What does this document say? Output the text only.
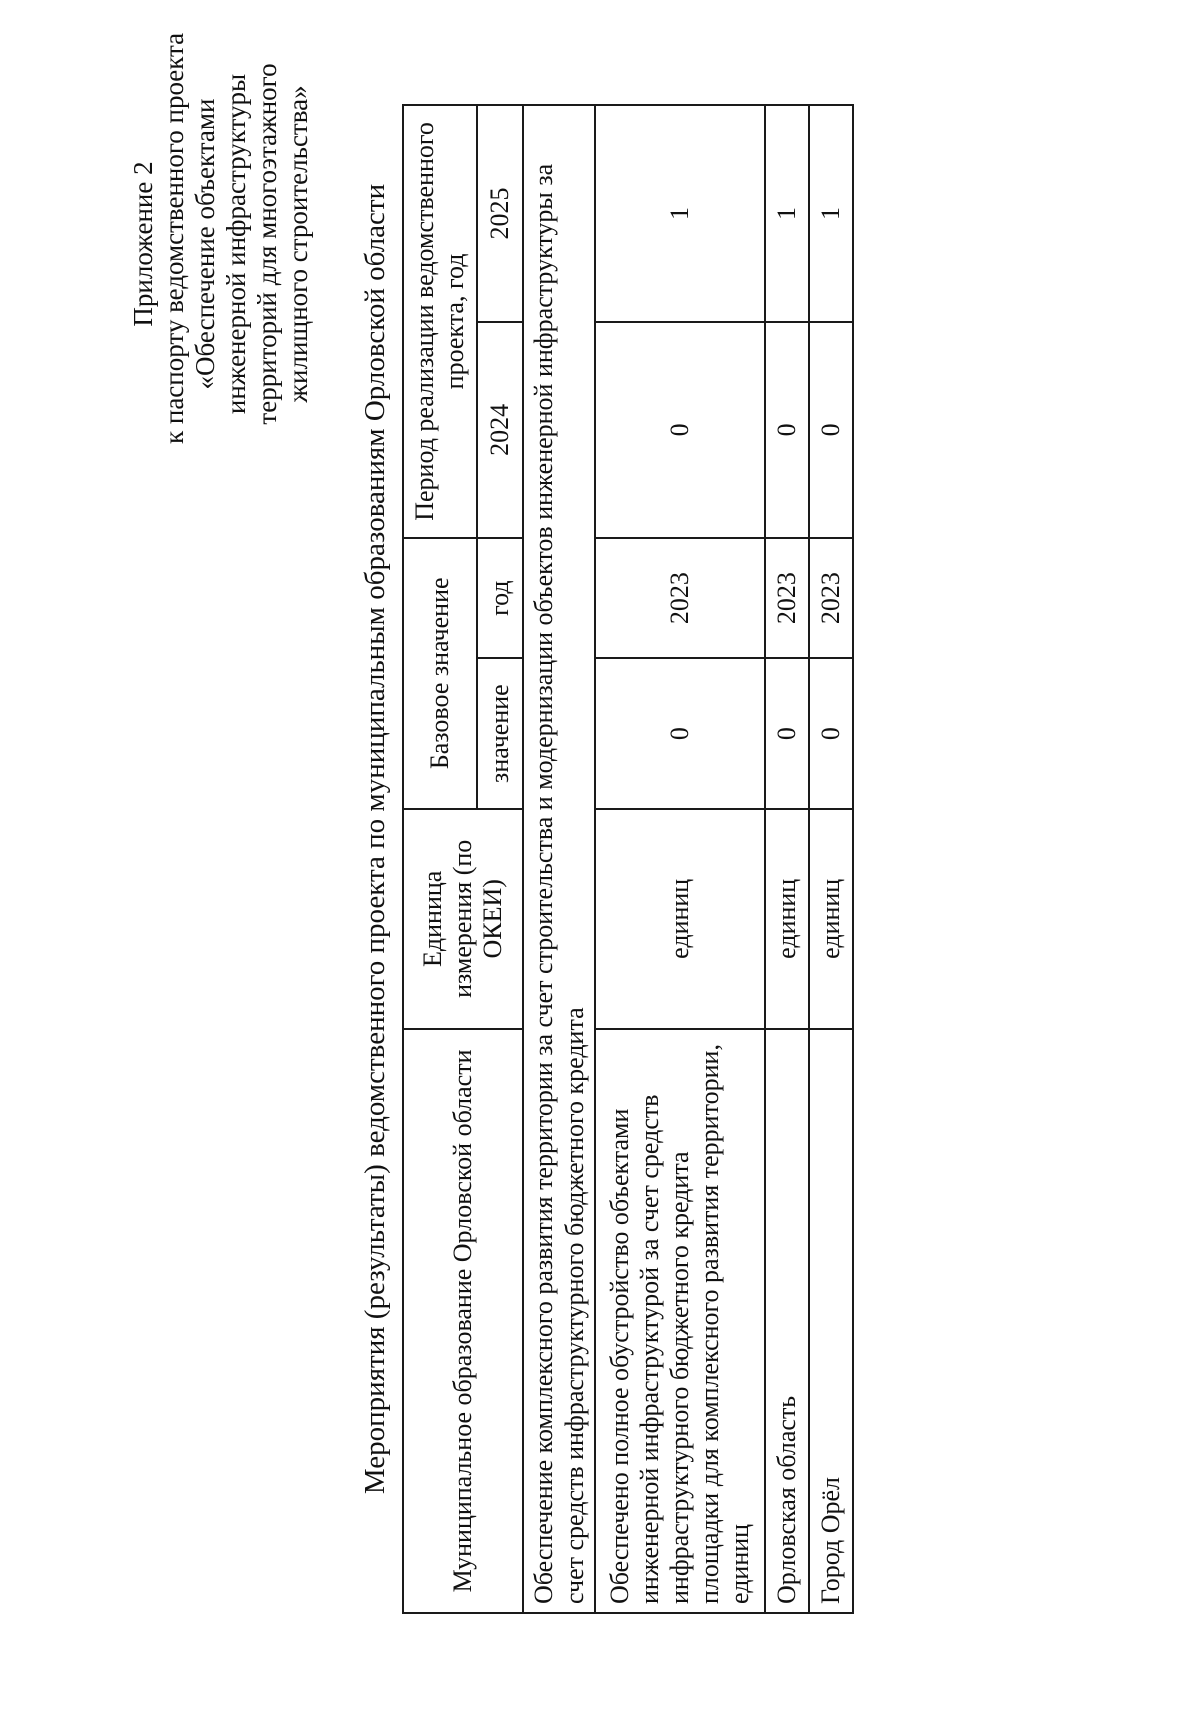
Приложение 2 к паспорту ведомственного проекта «Обеспечение объектами инженерной инфраструктуры территорий для многоэтажного жилищного строительства» Мероприятия (результаты) ведомственного проекта по муниципальным образованиям Орловской области Муниципальное образование Орловской области	Единица измерения (по ОКЕИ)	Базовое значение		Период реализации ведомственного проекта, год	
		значение	год	2024	2025
Обеспечение комплексного развития территории за счет строительства и модернизации объектов инженерной инфраструктуры за счет средств инфраструктурного бюджетного кредита					
Обеспечено полное обустройство объектами инженерной инфраструктурой за счет средств инфраструктурного бюджетного кредита площадки для комплексного развития территории, единиц	единиц	0	2023	0	1
Орловская область	единиц	0	2023	0	1
Город Орёл	единиц	0	2023	0	1
